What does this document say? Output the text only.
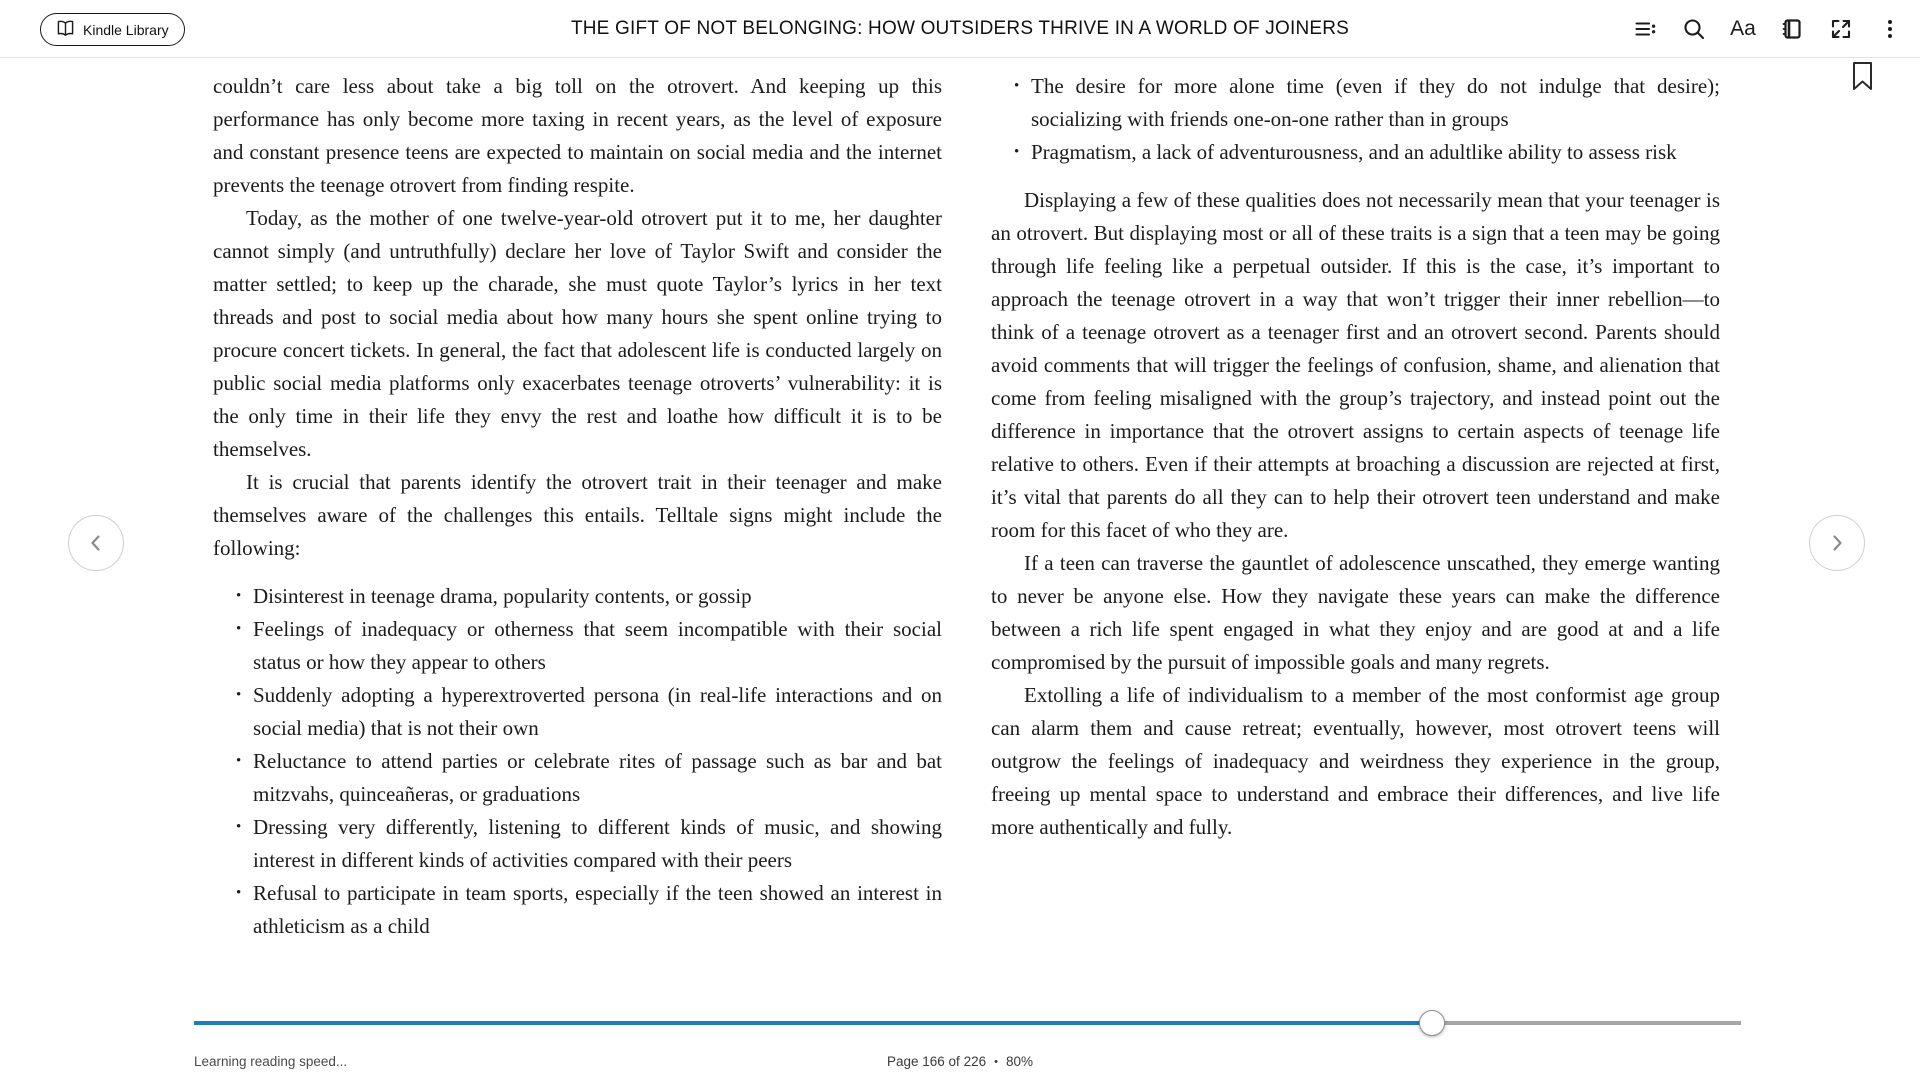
Kindle Library	THE GIFT OF NOT BELONGING: HOW OUTSIDERS THRIVE IN A WORLD OF JOINERS	Aa

couldn’t care less about take a big toll on the otrovert. And keeping up this performance has only become more taxing in recent years, as the level of exposure and constant presence teens are expected to maintain on social media and the internet prevents the teenage otrovert from finding respite.

Today, as the mother of one twelve-year-old otrovert put it to me, her daughter cannot simply (and untruthfully) declare her love of Taylor Swift and consider the matter settled; to keep up the charade, she must quote Taylor’s lyrics in her text threads and post to social media about how many hours she spent online trying to procure concert tickets. In general, the fact that adolescent life is conducted largely on public social media platforms only exacerbates teenage otroverts’ vulnerability: it is the only time in their life they envy the rest and loathe how difficult it is to be themselves.

It is crucial that parents identify the otrovert trait in their teenager and make themselves aware of the challenges this entails. Telltale signs might include the following:

• Disinterest in teenage drama, popularity contents, or gossip
• Feelings of inadequacy or otherness that seem incompatible with their social status or how they appear to others
• Suddenly adopting a hyperextroverted persona (in real-life interactions and on social media) that is not their own
• Reluctance to attend parties or celebrate rites of passage such as bar and bat mitzvahs, quinceañeras, or graduations
• Dressing very differently, listening to different kinds of music, and showing interest in different kinds of activities compared with their peers
• Refusal to participate in team sports, especially if the teen showed an interest in athleticism as a child
• The desire for more alone time (even if they do not indulge that desire); socializing with friends one-on-one rather than in groups
• Pragmatism, a lack of adventurousness, and an adultlike ability to assess risk

Displaying a few of these qualities does not necessarily mean that your teenager is an otrovert. But displaying most or all of these traits is a sign that a teen may be going through life feeling like a perpetual outsider. If this is the case, it’s important to approach the teenage otrovert in a way that won’t trigger their inner rebellion—to think of a teenage otrovert as a teenager first and an otrovert second. Parents should avoid comments that will trigger the feelings of confusion, shame, and alienation that come from feeling misaligned with the group’s trajectory, and instead point out the difference in importance that the otrovert assigns to certain aspects of teenage life relative to others. Even if their attempts at broaching a discussion are rejected at first, it’s vital that parents do all they can to help their otrovert teen understand and make room for this facet of who they are.

If a teen can traverse the gauntlet of adolescence unscathed, they emerge wanting to never be anyone else. How they navigate these years can make the difference between a rich life spent engaged in what they enjoy and are good at and a life compromised by the pursuit of impossible goals and many regrets.

Extolling a life of individualism to a member of the most conformist age group can alarm them and cause retreat; eventually, however, most otrovert teens will outgrow the feelings of inadequacy and weirdness they experience in the group, freeing up mental space to understand and embrace their differences, and live life more authentically and fully.

Learning reading speed...	Page 166 of 226 • 80%
